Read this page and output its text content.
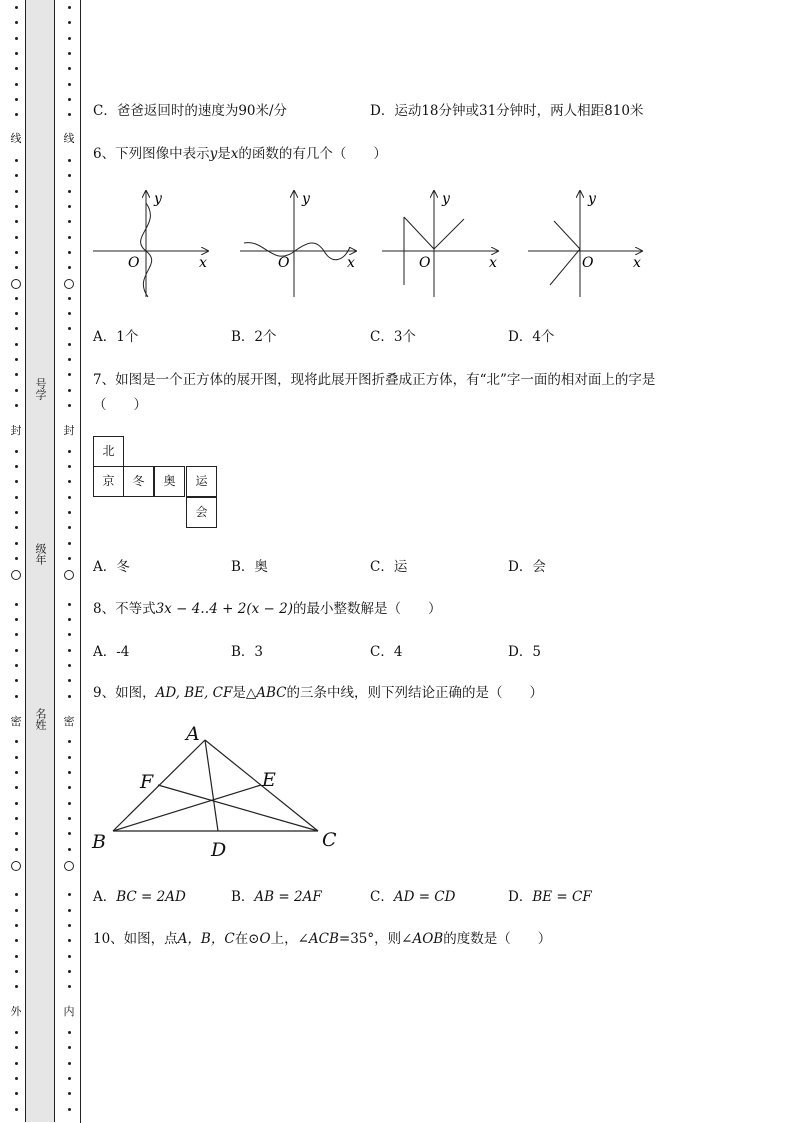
线
封
密
外
线
封
密
内
号学
级年
名姓
C．爸爸返回时的速度为90米/分	D．运动18分钟或31分钟时，两人相距810米
6、下列图像中表示y是x的函数的有几个（　　）
y
x
O
y
x
O
y
x
O
y
x
O
A．1个	B．2个	C．3个	D．4个
7、如图是一个正方体的展开图，现将此展开图折叠成正方体，有“北”字一面的相对面上的字是
（　　）
北
京	冬	奥	运
会
A．冬	B．奥	C．运	D．会
8、不等式3x − 4‥4 + 2(x − 2)的最小整数解是（　　）
A．-4	B．3	C．4	D．5
9、如图，AD, BE, CF是△ABC的三条中线，则下列结论正确的是（　　）
A
B	C
D
E
F
A．BC = 2AD	B．AB = 2AF	C．AD = CD	D．BE = CF
10、如图，点A，B，C在⊙O上，∠ACB=35°，则∠AOB的度数是（　　）
